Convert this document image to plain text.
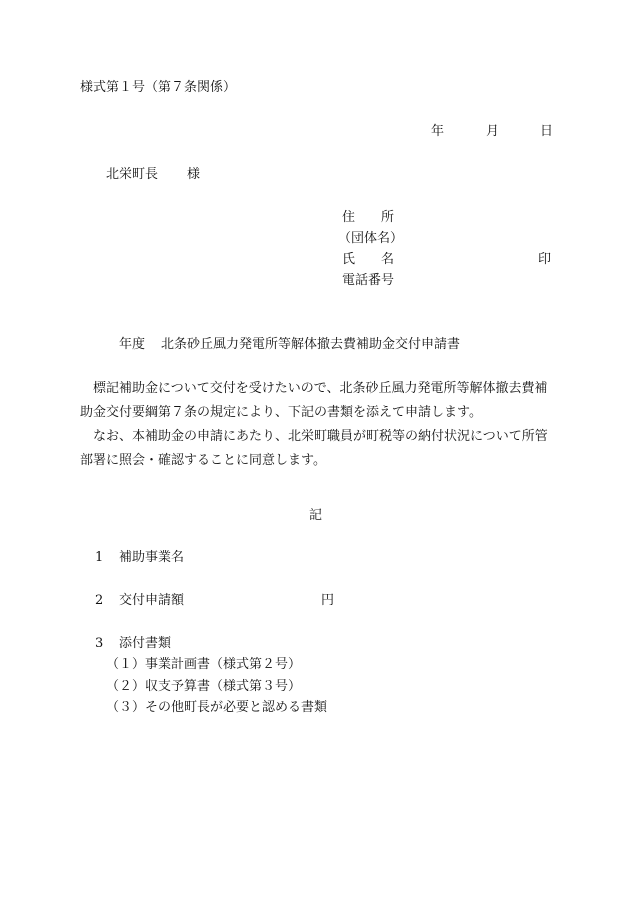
様式第１号（第７条関係）
年	月	日
北栄町長 様
住　　所
（団体名）
氏　　名	印
電話番号
年度 北条砂丘風力発電所等解体撤去費補助金交付申請書

標記補助金について交付を受けたいので、北条砂丘風力発電所等解体撤去費補助金交付要綱第７条の規定により、下記の書類を添えて申請します。

なお、本補助金の申請にあたり、北栄町職員が町税等の納付状況について所管部署に照会・確認することに同意します。

記
1 補助事業名
2 交付申請額	円
3 添付書類
（１）事業計画書（様式第２号）
（２）収支予算書（様式第３号）
（３）その他町長が必要と認める書類
